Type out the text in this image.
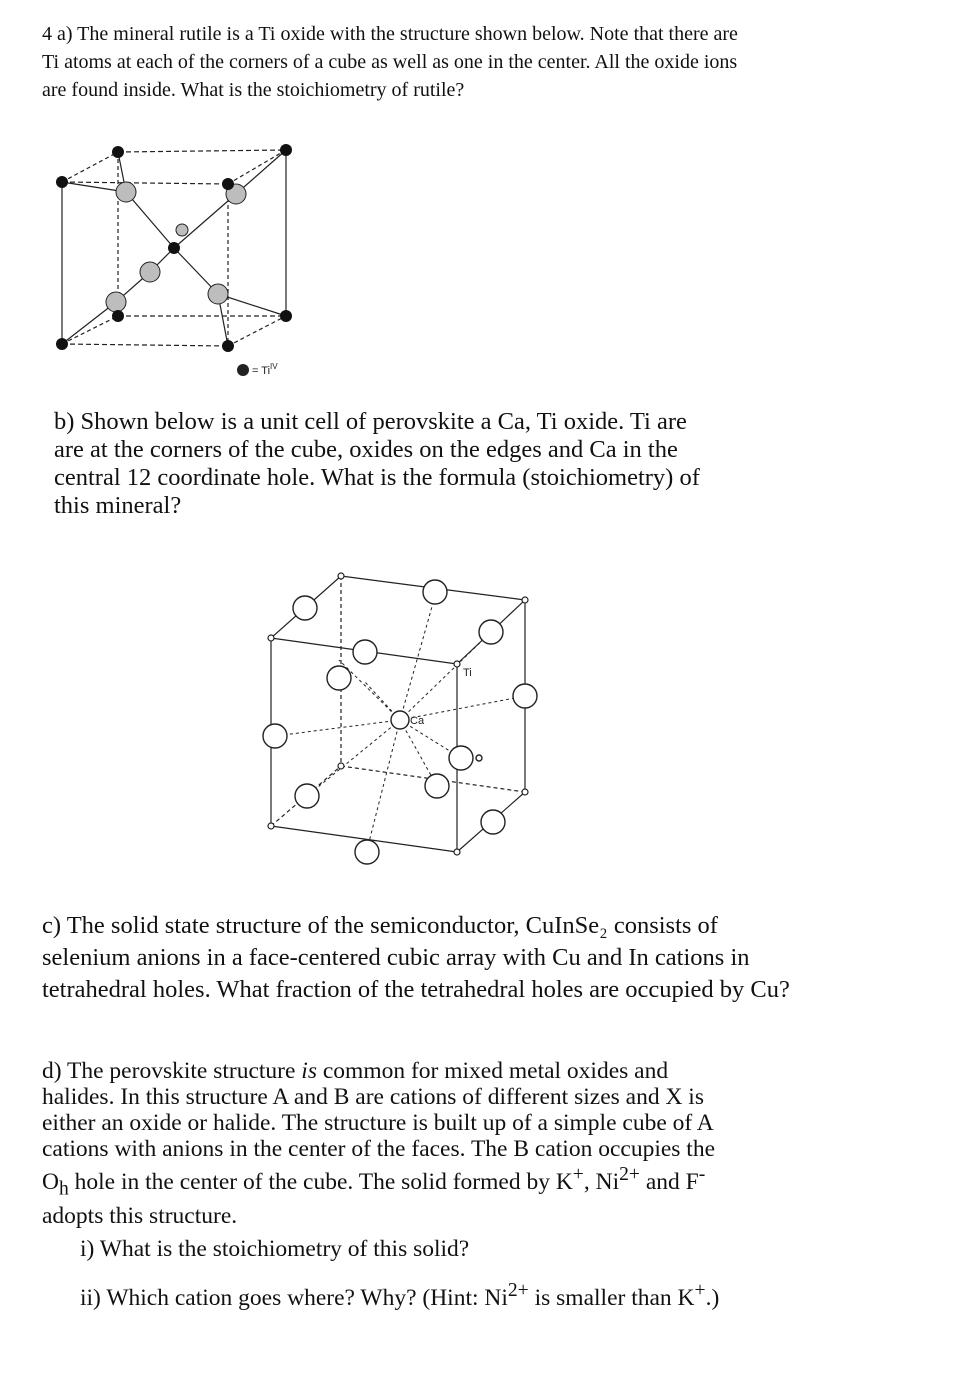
4 a) The mineral rutile is a Ti oxide with the structure shown below. Note that there are
Ti atoms at each of the corners of a cube as well as one in the center. All the oxide ions
are found inside. What is the stoichiometry of rutile?
= $Ti^{IV}$
b) Shown below is a unit cell of perovskite a Ca, Ti oxide. Ti are
are at the corners of the cube, oxides on the edges and Ca in the
central 12 coordinate hole. What is the formula (stoichiometry) of
this mineral?
Ti
Ca
c) The solid state structure of the semiconductor, CuInSe₂ consists of
selenium anions in a face-centered cubic array with Cu and In cations in
tetrahedral holes. What fraction of the tetrahedral holes are occupied by Cu?
d) The perovskite structure is common for mixed metal oxides and
halides. In this structure A and B are cations of different sizes and X is
either an oxide or halide. The structure is built up of a simple cube of A
cations with anions in the center of the faces. The B cation occupies the
$O_h$ hole in the center of the cube. The solid formed by K+, $Ni^{2+}$ and F-
adopts this structure.
i) What is the stoichiometry of this solid?
ii) Which cation goes where? Why? (Hint: $Ni^{2+}$ is smaller than K+.)
